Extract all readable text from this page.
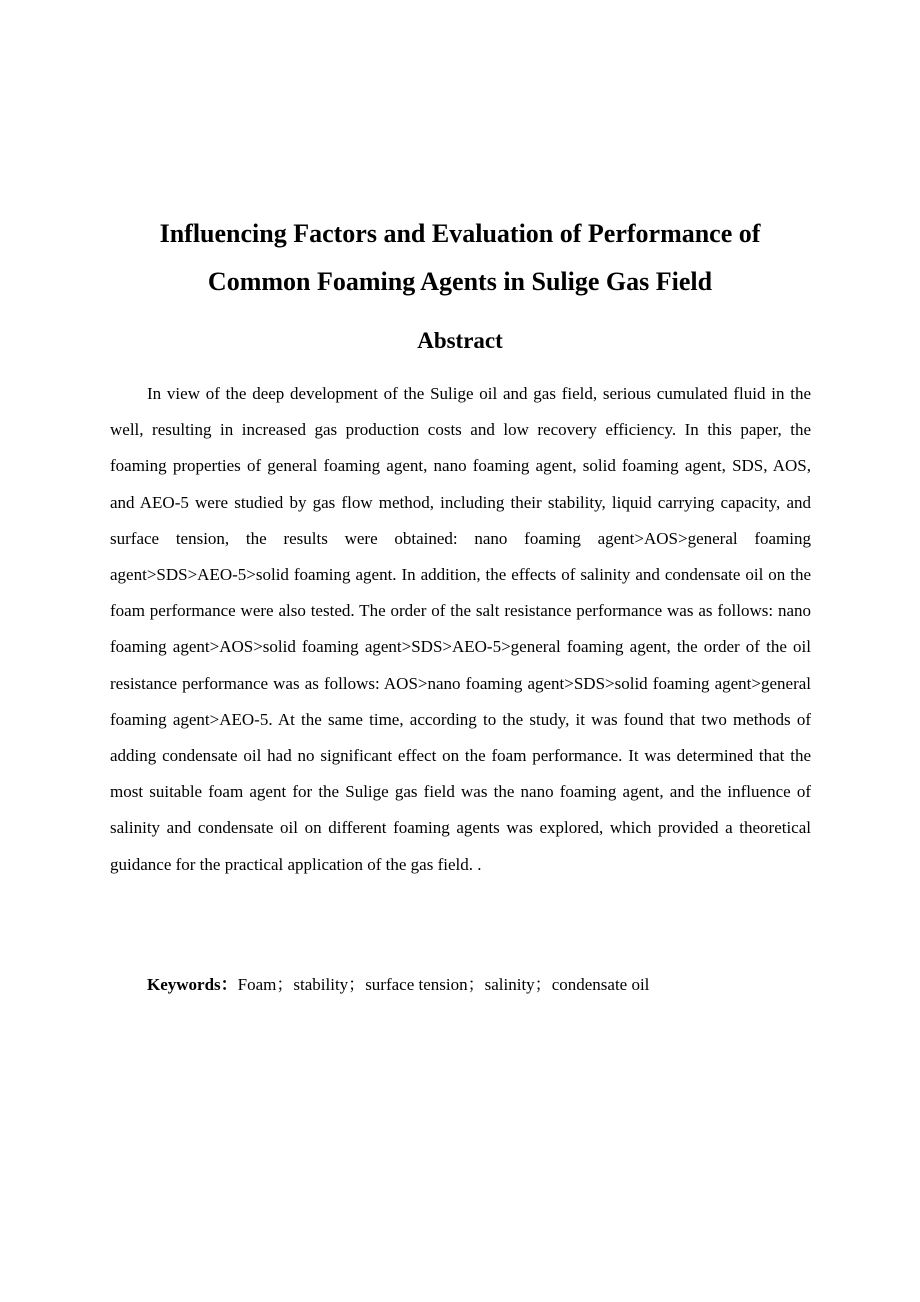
Influencing Factors and Evaluation of Performance of
Common Foaming Agents in Sulige Gas Field
Abstract

In view of the deep development of the Sulige oil and gas field, serious cumulated fluid in the well, resulting in increased gas production costs and low recovery efficiency. In this paper, the foaming properties of general foaming agent, nano foaming agent, solid foaming agent, SDS, AOS, and AEO-5 were studied by gas flow method, including their stability, liquid carrying capacity, and surface tension, the results were obtained: nano foaming agent>AOS>general foaming agent>SDS>AEO-5>solid foaming agent. In addition, the effects of salinity and condensate oil on the foam performance were also tested. The order of the salt resistance performance was as follows: nano foaming agent>AOS>solid foaming agent>SDS>AEO-5>general foaming agent, the order of the oil resistance performance was as follows: AOS>nano foaming agent>SDS>solid foaming agent>general foaming agent>AEO-5. At the same time, according to the study, it was found that two methods of adding condensate oil had no significant effect on the foam performance. It was determined that the most suitable foam agent for the Sulige gas field was the nano foaming agent, and the influence of salinity and condensate oil on different foaming agents was explored, which provided a theoretical guidance for the practical application of the gas field. .

Keywords：Foam；stability；surface tension；salinity；condensate oil
